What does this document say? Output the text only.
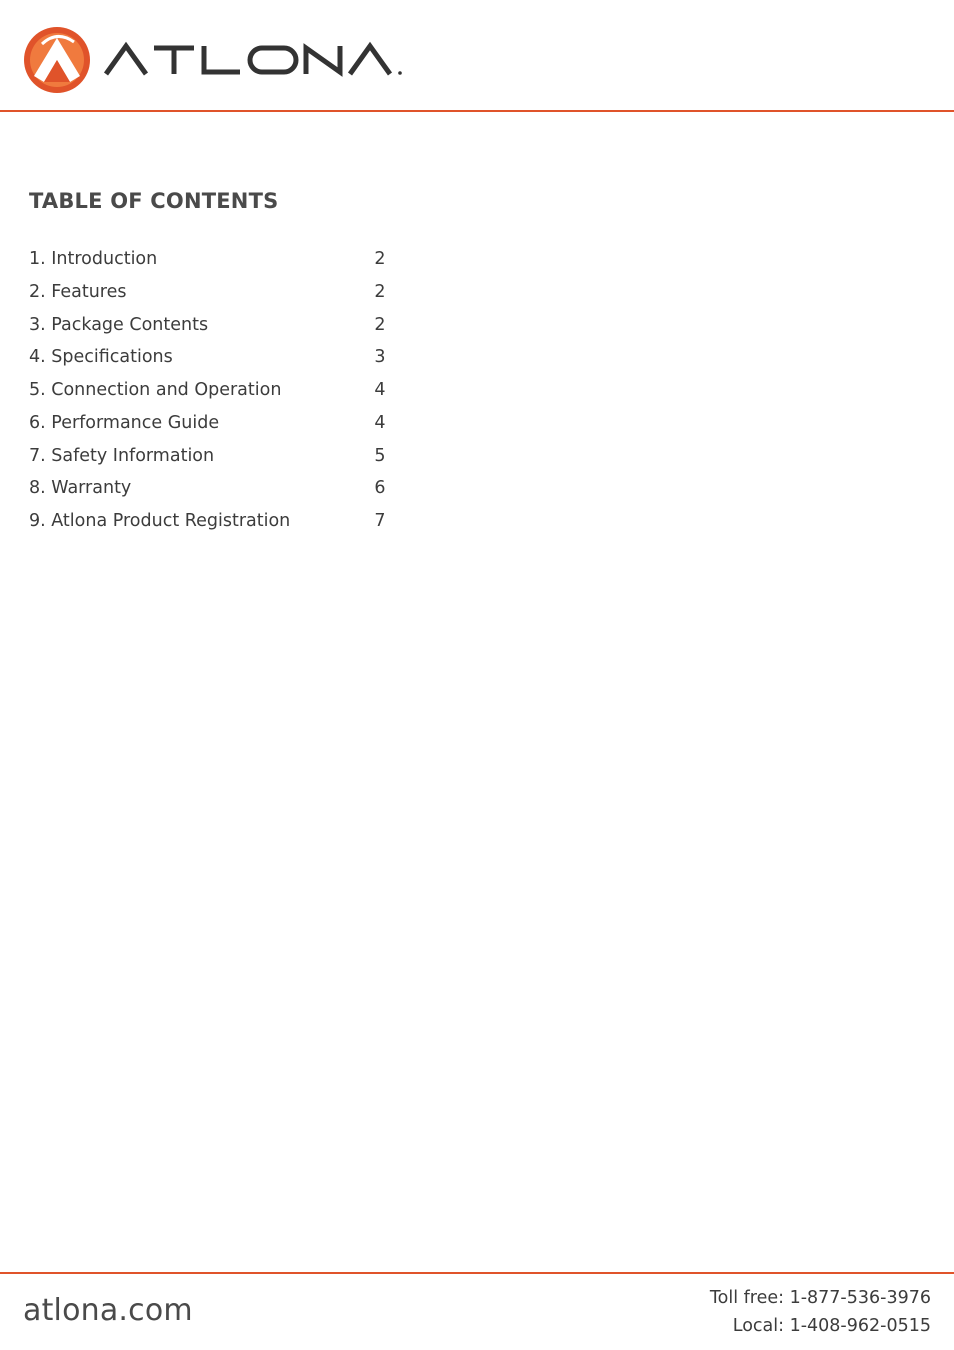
TABLE OF CONTENTS
1. Introduction	2
2. Features	2
3. Package Contents	2
4. Specifications	3
5. Connection and Operation	4
6. Performance Guide	4
7. Safety Information	5
8. Warranty	6
9. Atlona Product Registration	7
atlona.com	Toll free: 1-877-536-3976
Local: 1-408-962-0515
